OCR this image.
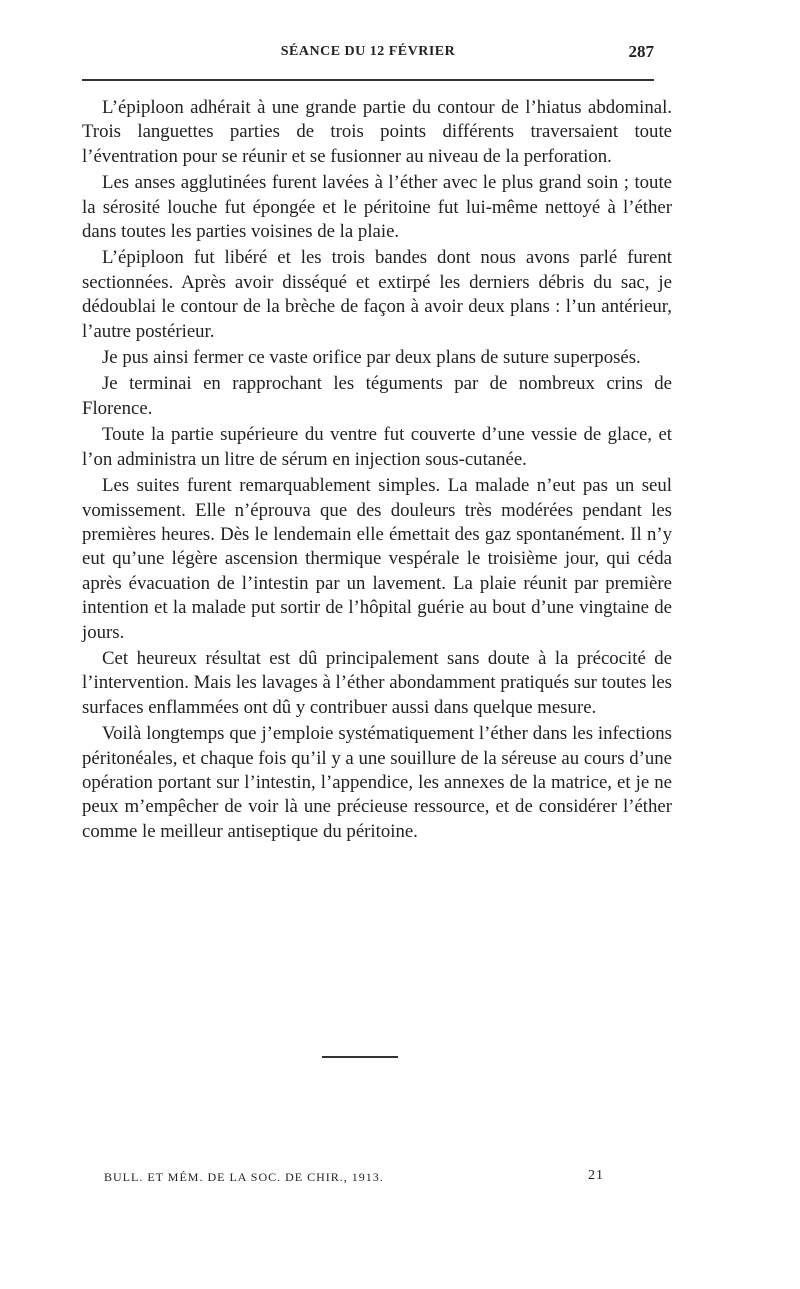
SÉANCE DU 12 FÉVRIER	287

L’épiploon adhérait à une grande partie du contour de l’hiatus abdominal. Trois languettes parties de trois points différents traversaient toute l’éventration pour se réunir et se fusionner au niveau de la perforation.

Les anses agglutinées furent lavées à l’éther avec le plus grand soin ; toute la sérosité louche fut épongée et le péritoine fut lui-même nettoyé à l’éther dans toutes les parties voisines de la plaie.

L’épiploon fut libéré et les trois bandes dont nous avons parlé furent sectionnées. Après avoir disséqué et extirpé les derniers débris du sac, je dédoublai le contour de la brèche de façon à avoir deux plans : l’un antérieur, l’autre postérieur.

Je pus ainsi fermer ce vaste orifice par deux plans de suture superposés.

Je terminai en rapprochant les téguments par de nombreux crins de Florence.

Toute la partie supérieure du ventre fut couverte d’une vessie de glace, et l’on administra un litre de sérum en injection sous-cutanée.

Les suites furent remarquablement simples. La malade n’eut pas un seul vomissement. Elle n’éprouva que des douleurs très modérées pendant les premières heures. Dès le lendemain elle émettait des gaz spontanément. Il n’y eut qu’une légère ascension thermique vespérale le troisième jour, qui céda après évacuation de l’intestin par un lavement. La plaie réunit par première intention et la malade put sortir de l’hôpital guérie au bout d’une vingtaine de jours.

Cet heureux résultat est dû principalement sans doute à la précocité de l’intervention. Mais les lavages à l’éther abondamment pratiqués sur toutes les surfaces enflammées ont dû y contribuer aussi dans quelque mesure.

Voilà longtemps que j’emploie systématiquement l’éther dans les infections péritonéales, et chaque fois qu’il y a une souillure de la séreuse au cours d’une opération portant sur l’intestin, l’appendice, les annexes de la matrice, et je ne peux m’empêcher de voir là une précieuse ressource, et de considérer l’éther comme le meilleur antiseptique du péritoine.

BULL. ET MÉM. DE LA SOC. DE CHIR., 1913.	21
